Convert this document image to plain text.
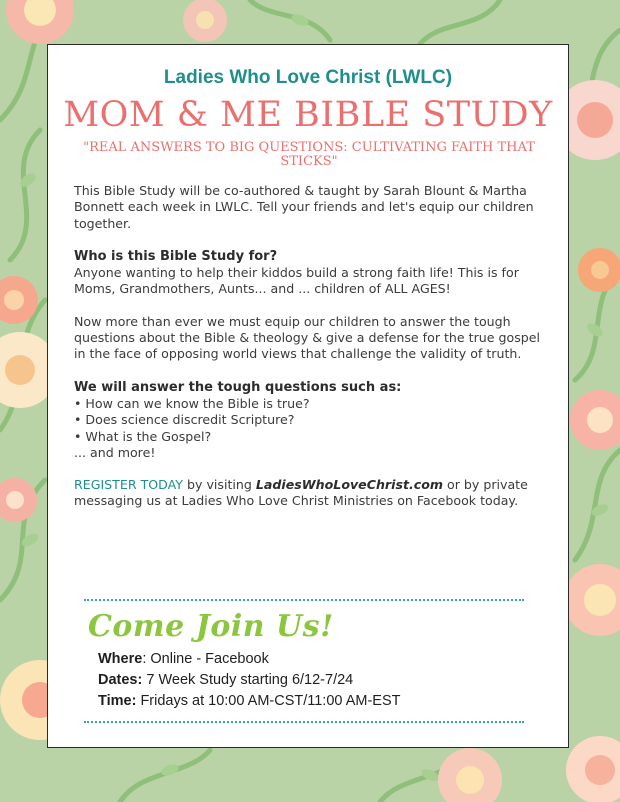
Ladies Who Love Christ (LWLC)
MOM & ME BIBLE STUDY
"REAL ANSWERS TO BIG QUESTIONS: CULTIVATING FAITH THAT STICKS"

This Bible Study will be co-authored & taught by Sarah Blount & Martha Bonnett each week in LWLC. Tell your friends and let's equip our children together.

Who is this Bible Study for?
Anyone wanting to help their kiddos build a strong faith life! This is for Moms, Grandmothers, Aunts... and ... children of ALL AGES!

Now more than ever we must equip our children to answer the tough questions about the Bible & theology & give a defense for the true gospel in the face of opposing world views that challenge the validity of truth.

We will answer the tough questions such as:
• How can we know the Bible is true?
• Does science discredit Scripture?
• What is the Gospel?
... and more!

REGISTER TODAY by visiting LadiesWhoLoveChrist.com or by private messaging us at Ladies Who Love Christ Ministries on Facebook today.

Come Join Us!
Where: Online - Facebook
Dates: 7 Week Study starting 6/12-7/24
Time: Fridays at 10:00 AM-CST/11:00 AM-EST
